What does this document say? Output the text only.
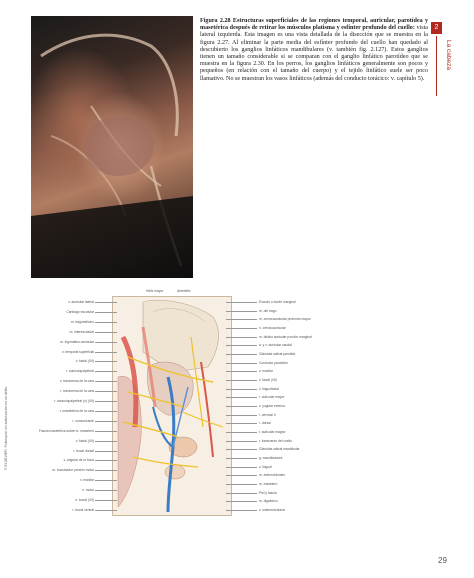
Figura 2.28 Estructuras superficiales de las regiones temporal, auricular, parotídea y masetérica después de retirar los músculos platisma y esfínter profundo del cuello: vista lateral izquierda. Esta imagen es una vista detallada de la disección que se muestra en la figura 2.27. Al eliminar la parte media del esfínter profundo del cuello han quedado al descubierto los ganglios linfáticos mandibulares (v. también fig. 2.127). Estos ganglios tienen un tamaño considerable si se comparan con el ganglio linfático parotídeo que se muestra en la figura 2.30. En los perros, los ganglios linfáticos generalmente son pocos y pequeños (en relación con el tamaño del cuerpo) y el tejido linfático suele ser poco llamativo. No se muestran los vasos linfáticos (además del conducto torácico: v. capítulo 5).
2
La cabeza
© ELSEVIER. Fotocopiar sin autorización es un delito.
Hélix mayor	Antehélix
v. auricular lateral
Cartílago escutular
m. tragohelicino
m. interescutular
m. zigomático auricular
v. temporal superficial
v. facial (VII)
r. auriculopalpebral
v. transversa de la cara
r. transversa de la cara
r. auriculopalpebral (v) (VII)
r. masetérica de la cara
r. comunicante
Fascia masetérica sobre m. masetero
v. facial (VII)
r. bucal dorsal
v. angular de la boca
m. buccinador porción molar
v. maxilar
n. molar
n. bucal (VII)
r. bucal ventral
Escudo o borde marginal
m. del trago
m. cervicoauricular profundo mayor
n. cervicoauricular
m. distico auricular porción marginal
a. y v. auricular caudal
Glándula salival parótida
Conducto parotídeo
v. maxilar
v. facial (VII)
v. linguofacial
r. auricular mayor
v. yugular externa
r. cervical II
r. dorsal
r. auricular magno
r. transverso del cuello
Glándula salival mandibular
g. mandibulares
v. lingual
m. esternohioideo
m. masetero
Piel y fascia
m. digástrico
v. submentoniana
29
